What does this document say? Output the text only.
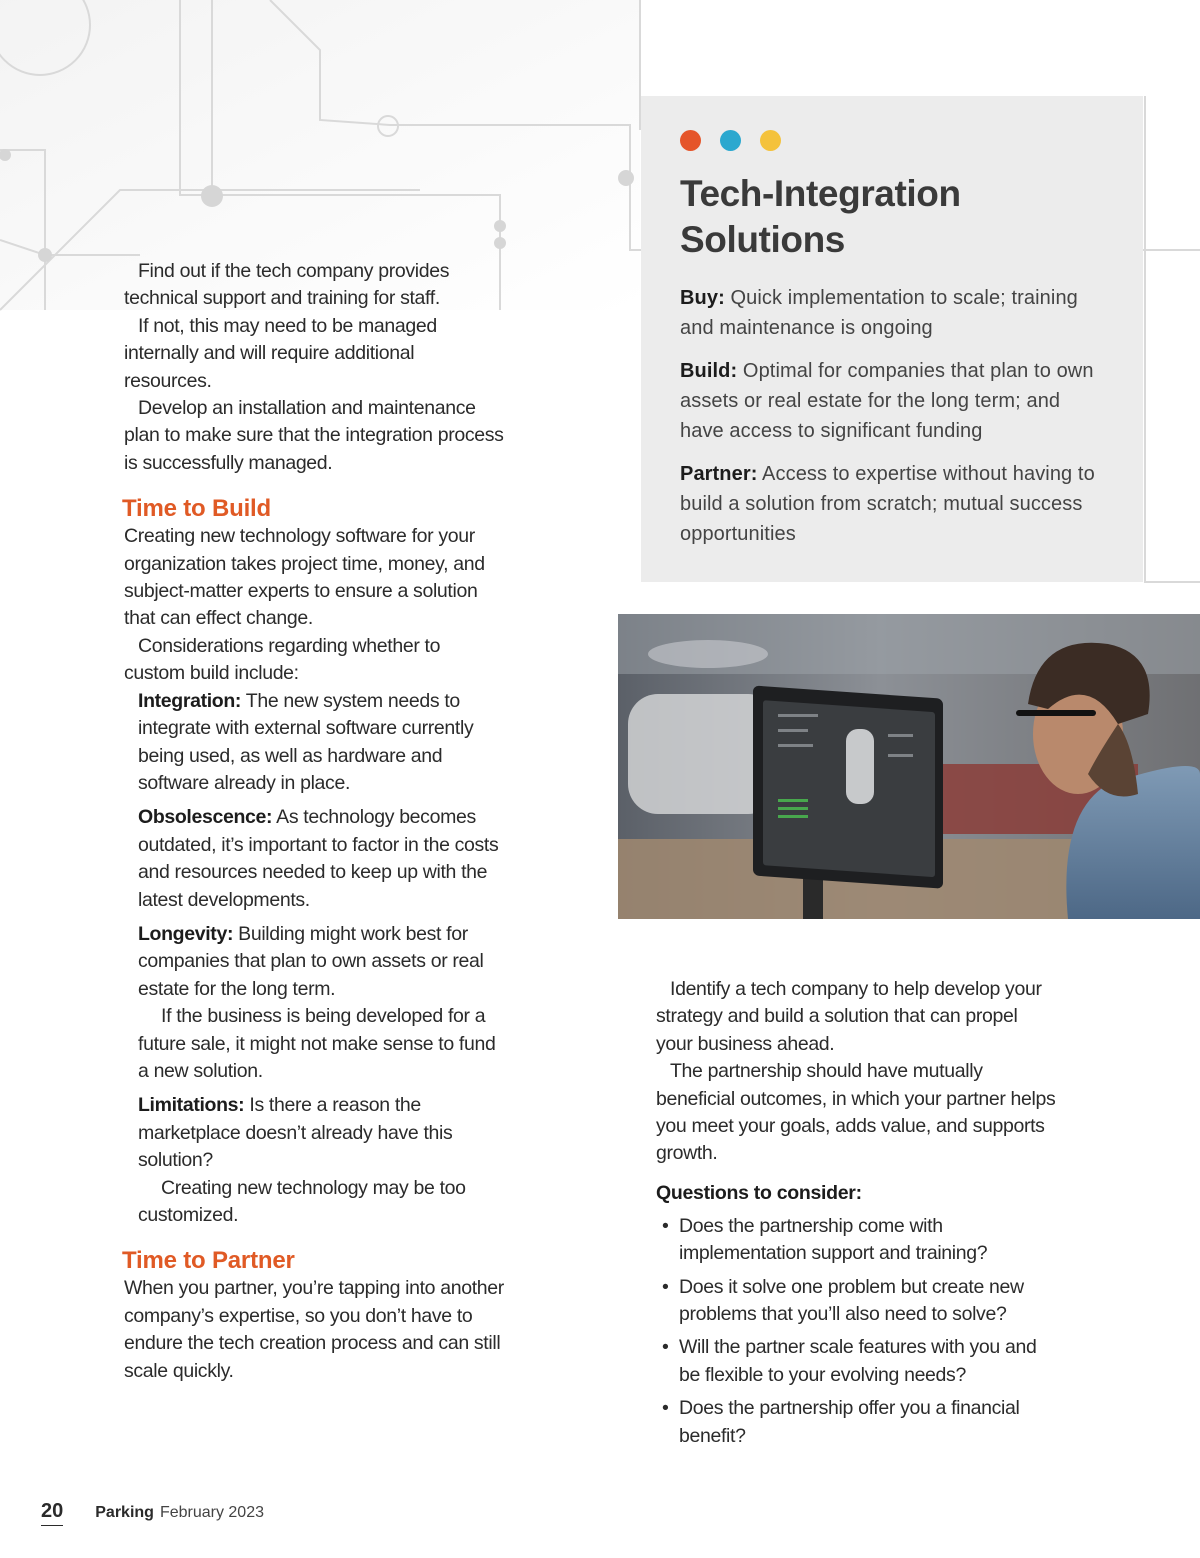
Find out if the tech company provides technical support and training for staff.

If not, this may need to be managed internally and will require additional resources.

Develop an installation and maintenance plan to make sure that the integration process is successfully managed.

Time to Build

Creating new technology software for your organization takes project time, money, and subject-matter experts to ensure a solution that can effect change.

Considerations regarding whether to custom build include:

Integration: The new system needs to integrate with external software currently being used, as well as hardware and software already in place.

Obsolescence: As technology becomes outdated, it’s important to factor in the costs and resources needed to keep up with the latest developments.

Longevity: Building might work best for companies that plan to own assets or real estate for the long term.

If the business is being developed for a future sale, it might not make sense to fund a new solution.

Limitations: Is there a reason the marketplace doesn’t already have this solution?

Creating new technology may be too customized.

Time to Partner

When you partner, you’re tapping into another company’s expertise, so you don’t have to endure the tech creation process and can still scale quickly.

Tech-Integration Solutions

Buy: Quick implementation to scale; training and maintenance is ongoing

Build: Optimal for companies that plan to own assets or real estate for the long term; and have access to significant funding

Partner: Access to expertise without having to build a solution from scratch; mutual success opportunities

Identify a tech company to help develop your strategy and build a solution that can propel your business ahead.

The partnership should have mutually beneficial outcomes, in which your partner helps you meet your goals, adds value, and supports growth.

Questions to consider:

• Does the partnership come with implementation support and training?
• Does it solve one problem but create new problems that you’ll also need to solve?
• Will the partner scale features with you and be flexible to your evolving needs?
• Does the partnership offer you a financial benefit?
20 Parking February 2023
